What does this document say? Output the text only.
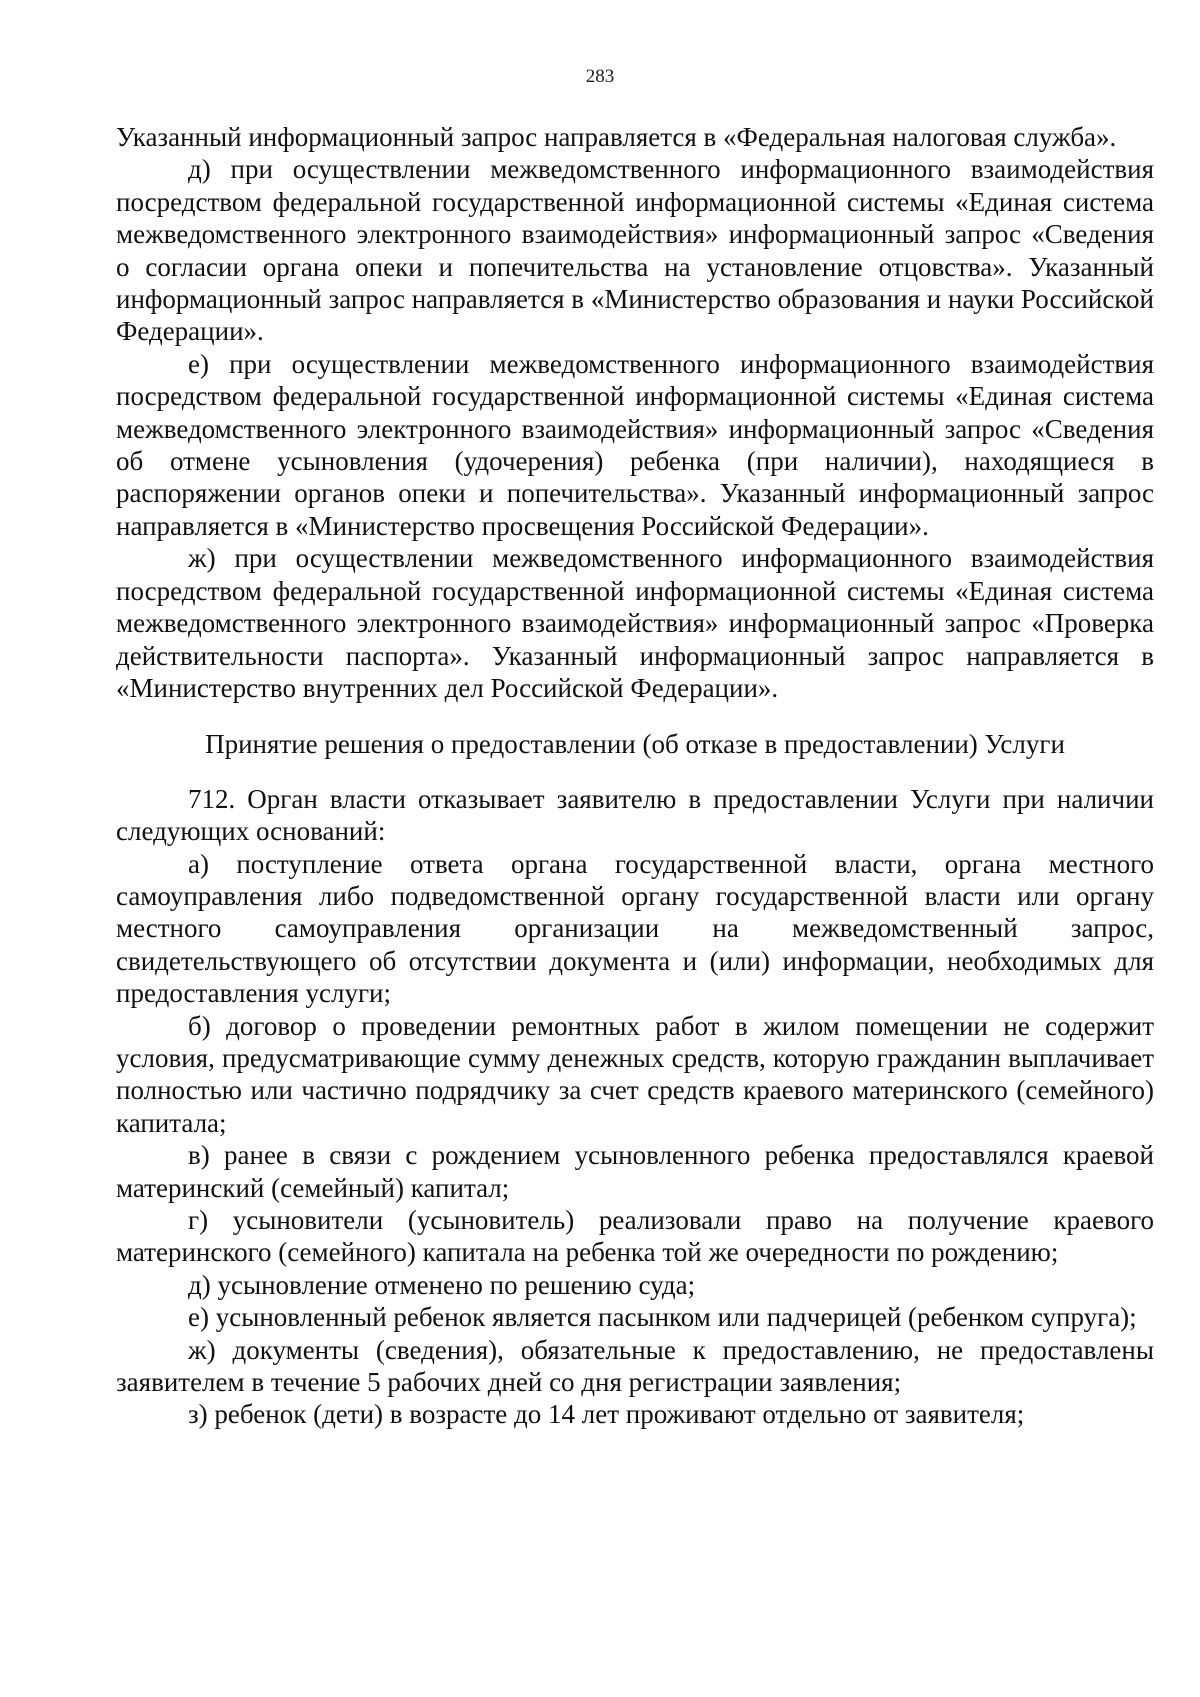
283

Указанный информационный запрос направляется в «Федеральная налоговая служба».

д) при осуществлении межведомственного информационного взаимодействия посредством федеральной государственной информационной системы «Единая система межведомственного электронного взаимодействия» информационный запрос «Сведения о согласии органа опеки и попечительства на установление отцовства». Указанный информационный запрос направляется в «Министерство образования и науки Российской Федерации».

е) при осуществлении межведомственного информационного взаимодействия посредством федеральной государственной информационной системы «Единая система межведомственного электронного взаимодействия» информационный запрос «Сведения об отмене усыновления (удочерения) ребенка (при наличии), находящиеся в распоряжении органов опеки и попечительства». Указанный информационный запрос направляется в «Министерство просвещения Российской Федерации».

ж) при осуществлении межведомственного информационного взаимодействия посредством федеральной государственной информационной системы «Единая система межведомственного электронного взаимодействия» информационный запрос «Проверка действительности паспорта». Указанный информационный запрос направляется в «Министерство внутренних дел Российской Федерации».

Принятие решения о предоставлении (об отказе в предоставлении) Услуги

712. Орган власти отказывает заявителю в предоставлении Услуги при наличии следующих оснований:

а) поступление ответа органа государственной власти, органа местного самоуправления либо подведомственной органу государственной власти или органу местного самоуправления организации на межведомственный запрос, свидетельствующего об отсутствии документа и (или) информации, необходимых для предоставления услуги;

б) договор о проведении ремонтных работ в жилом помещении не содержит условия, предусматривающие сумму денежных средств, которую гражданин выплачивает полностью или частично подрядчику за счет средств краевого материнского (семейного) капитала;

в) ранее в связи с рождением усыновленного ребенка предоставлялся краевой материнский (семейный) капитал;

г) усыновители (усыновитель) реализовали право на получение краевого материнского (семейного) капитала на ребенка той же очередности по рождению;

д) усыновление отменено по решению суда;

е) усыновленный ребенок является пасынком или падчерицей (ребенком супруга);

ж) документы (сведения), обязательные к предоставлению, не предоставлены заявителем в течение 5 рабочих дней со дня регистрации заявления;

з) ребенок (дети) в возрасте до 14 лет проживают отдельно от заявителя;
